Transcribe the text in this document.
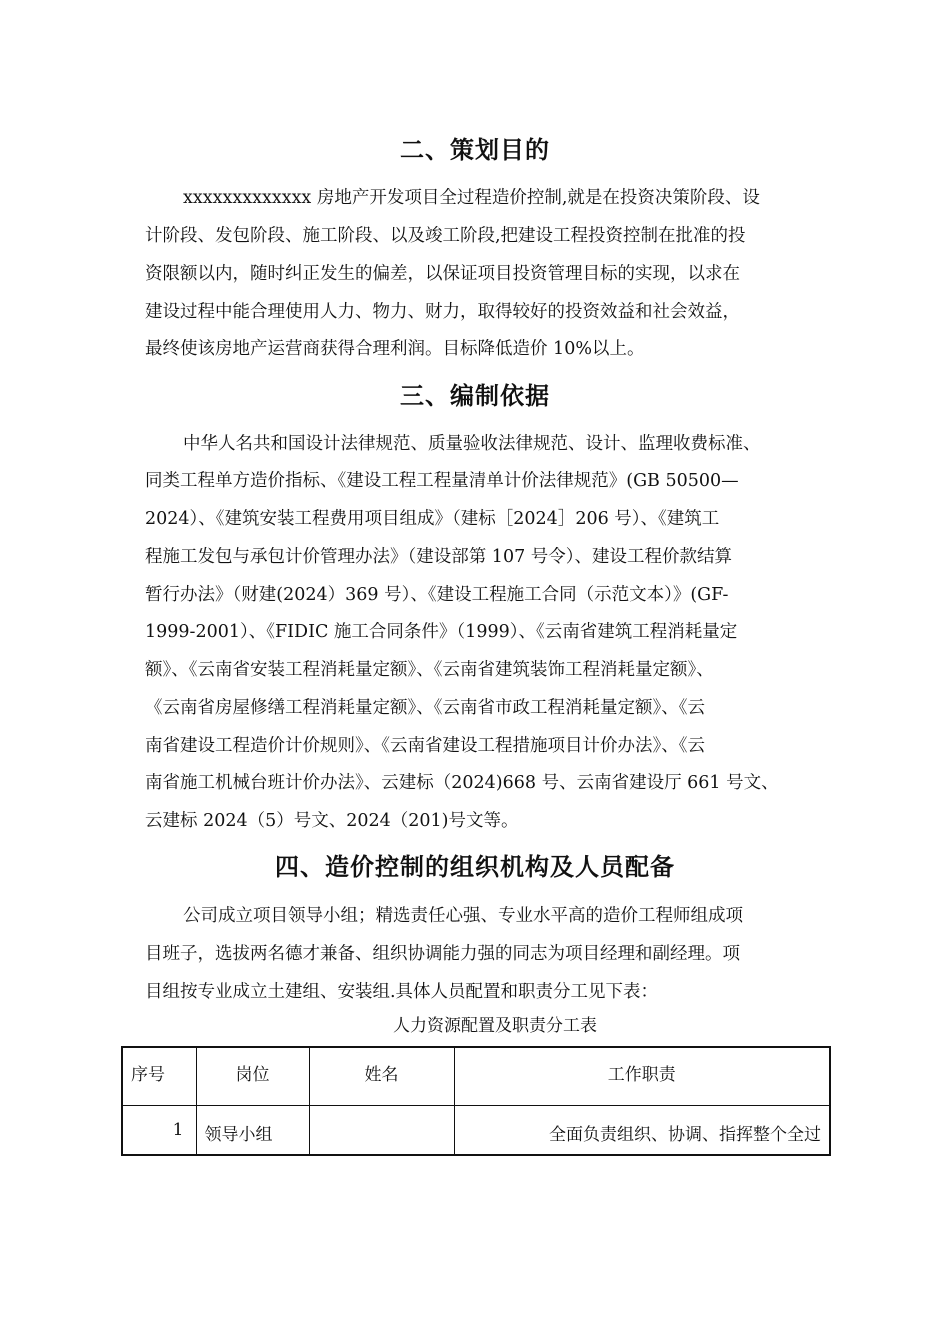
二、策划目的

xxxxxxxxxxxxx 房地产开发项目全过程造价控制,就是在投资决策阶段、设

计阶段、发包阶段、施工阶段、以及竣工阶段,把建设工程投资控制在批准的投

资限额以内，随时纠正发生的偏差，以保证项目投资管理目标的实现，以求在

建设过程中能合理使用人力、物力、财力，取得较好的投资效益和社会效益，

最终使该房地产运营商获得合理利润。目标降低造价 10%以上。

三、编制依据

中华人名共和国设计法律规范、质量验收法律规范、设计、监理收费标准、

同类工程单方造价指标、《建设工程工程量清单计价法律规范》(GB 50500—

2024）、《建筑安装工程费用项目组成》（建标［2024］206 号）、《建筑工

程施工发包与承包计价管理办法》（建设部第 107 号令）、建设工程价款结算

暂行办法》（财建(2024）369 号）、《建设工程施工合同（示范文本）》(GF-

1999-2001）、《FIDIC 施工合同条件》（1999）、《云南省建筑工程消耗量定

额》、《云南省安装工程消耗量定额》、《云南省建筑装饰工程消耗量定额》、

《云南省房屋修缮工程消耗量定额》、《云南省市政工程消耗量定额》、《云

南省建设工程造价计价规则》、《云南省建设工程措施项目计价办法》、《云

南省施工机械台班计价办法》、云建标（2024)668 号、云南省建设厅 661 号文、

云建标 2024（5）号文、2024（201)号文等。

四、造价控制的组织机构及人员配备

公司成立项目领导小组；精选责任心强、专业水平高的造价工程师组成项

目班子，选拔两名德才兼备、组织协调能力强的同志为项目经理和副经理。项

目组按专业成立土建组、安装组.具体人员配置和职责分工见下表：

人力资源配置及职责分工表

序号	岗位	姓名	工作职责
1	领导小组		全面负责组织、协调、指挥整个全过
